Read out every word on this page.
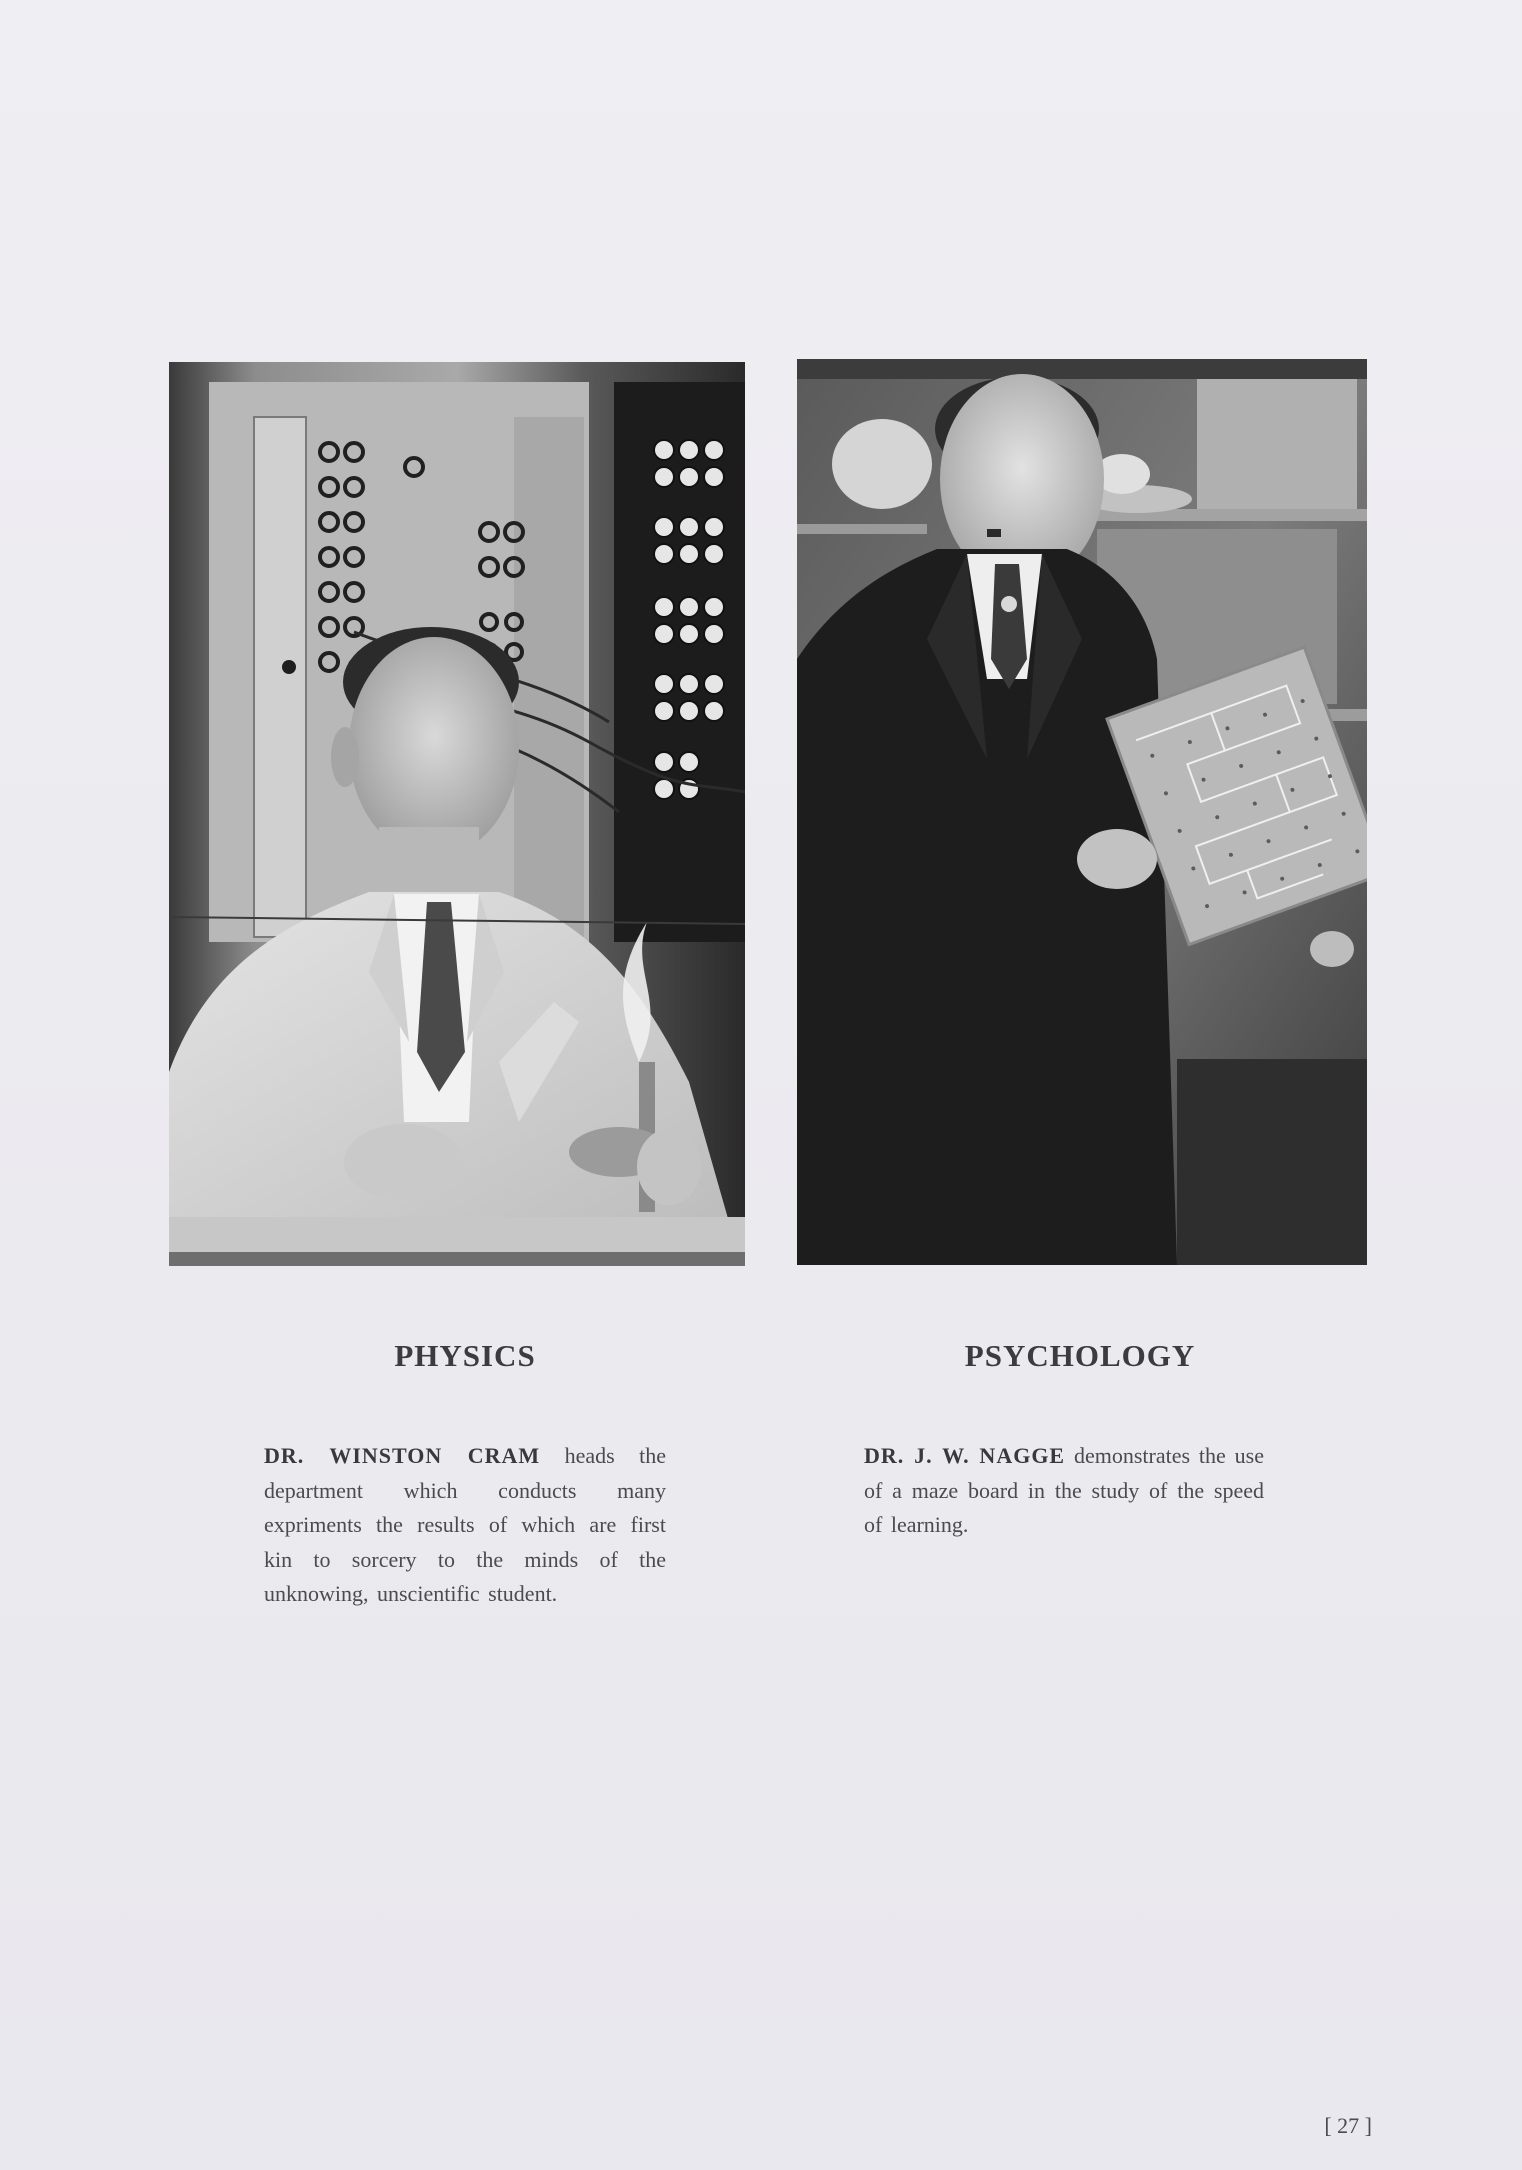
PHYSICS	PSYCHOLOGY

DR. WINSTON CRAM heads the department which conducts many expriments the results of which are first kin to sorcery to the minds of the unknowing, unscientific student.

DR. J. W. NAGGE demonstrates the use of a maze board in the study of the speed of learning.

[ 27 ]
